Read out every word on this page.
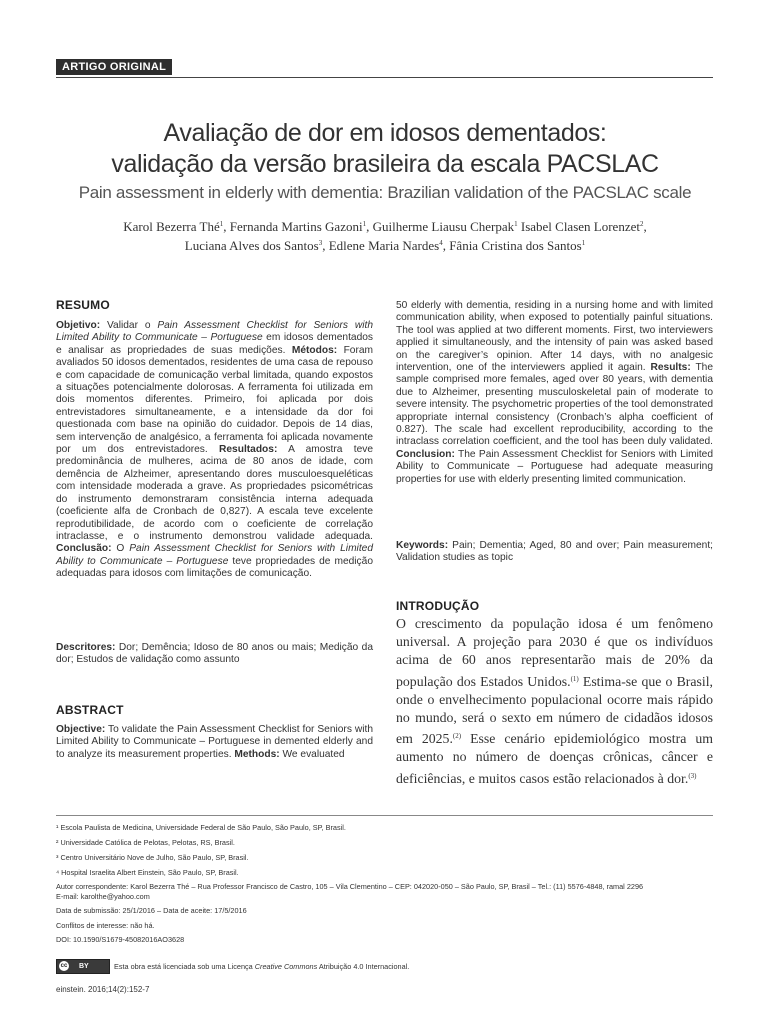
ARTIGO ORIGINAL
Avaliação de dor em idosos dementados:
validação da versão brasileira da escala PACSLAC
Pain assessment in elderly with dementia: Brazilian validation of the PACSLAC scale
Karol Bezerra Thé$^1$, Fernanda Martins Gazoni$^1$, Guilherme Liausu Cherpak$^1$ Isabel Clasen Lorenzet$^2$,
Luciana Alves dos Santos$^3$, Edlene Maria Nardes$^4$, Fânia Cristina dos Santos$^1$
RESUMO

Objetivo: Validar o Pain Assessment Checklist for Seniors with Limited Ability to Communicate – Portuguese em idosos dementados e analisar as propriedades de suas medições. Métodos: Foram avaliados 50 idosos dementados, residentes de uma casa de repouso e com capacidade de comunicação verbal limitada, quando expostos a situações potencialmente dolorosas. A ferramenta foi utilizada em dois momentos diferentes. Primeiro, foi aplicada por dois entrevistadores simultaneamente, e a intensidade da dor foi questionada com base na opinião do cuidador. Depois de 14 dias, sem intervenção de analgésico, a ferramenta foi aplicada novamente por um dos entrevistadores. Resultados: A amostra teve predominância de mulheres, acima de 80 anos de idade, com demência de Alzheimer, apresentando dores musculoesqueléticas com intensidade moderada a grave. As propriedades psicométricas do instrumento demonstraram consistência interna adequada (coeficiente alfa de Cronbach de 0,827). A escala teve excelente reprodutibilidade, de acordo com o coeficiente de correlação intraclasse, e o instrumento demonstrou validade adequada. Conclusão: O Pain Assessment Checklist for Seniors with Limited Ability to Communicate – Portuguese teve propriedades de medição adequadas para idosos com limitações de comunicação.

Descritores: Dor; Demência; Idoso de 80 anos ou mais; Medição da dor; Estudos de validação como assunto

ABSTRACT

Objective: To validate the Pain Assessment Checklist for Seniors with Limited Ability to Communicate – Portuguese in demented elderly and to analyze its measurement properties. Methods: We evaluated

50 elderly with dementia, residing in a nursing home and with limited communication ability, when exposed to potentially painful situations. The tool was applied at two different moments. First, two interviewers applied it simultaneously, and the intensity of pain was asked based on the caregiver’s opinion. After 14 days, with no analgesic intervention, one of the interviewers applied it again. Results: The sample comprised more females, aged over 80 years, with dementia due to Alzheimer, presenting musculoskeletal pain of moderate to severe intensity. The psychometric properties of the tool demonstrated appropriate internal consistency (Cronbach’s alpha coefficient of 0.827). The scale had excellent reproducibility, according to the intraclass correlation coefficient, and the tool has been duly validated. Conclusion: The Pain Assessment Checklist for Seniors with Limited Ability to Communicate – Portuguese had adequate measuring properties for use with elderly presenting limited communication.

Keywords: Pain; Dementia; Aged, 80 and over; Pain measurement; Validation studies as topic

INTRODUÇÃO
O crescimento da população idosa é um fenômeno universal. A projeção para 2030 é que os indivíduos acima de 60 anos representarão mais de 20% da população dos Estados Unidos.$^{(1)}$ Estima-se que o Brasil, onde o envelhecimento populacional ocorre mais rápido no mundo, será o sexto em número de cidadãos idosos em 2025.$^{(2)}$ Esse cenário epidemiológico mostra um aumento no número de doenças crônicas, câncer e deficiências, e muitos casos estão relacionados à dor.$^{(3)}$
¹ Escola Paulista de Medicina, Universidade Federal de São Paulo, São Paulo, SP, Brasil.
² Universidade Católica de Pelotas, Pelotas, RS, Brasil.
³ Centro Universitário Nove de Julho, São Paulo, SP, Brasil.
⁴ Hospital Israelita Albert Einstein, São Paulo, SP, Brasil.
Autor correspondente: Karol Bezerra Thé – Rua Professor Francisco de Castro, 105 – Vila Clementino – CEP: 042020-050 – São Paulo, SP, Brasil – Tel.: (11) 5576-4848, ramal 2296
E-mail: karolthe@yahoo.com
Data de submissão: 25/1/2016 – Data de aceite: 17/5/2016
Conflitos de interesse: não há.
DOI: 10.1590/S1679-45082016AO3628
cc BY	Esta obra está licenciada sob uma Licença Creative Commons Atribuição 4.0 Internacional.
einstein. 2016;14(2):152-7
